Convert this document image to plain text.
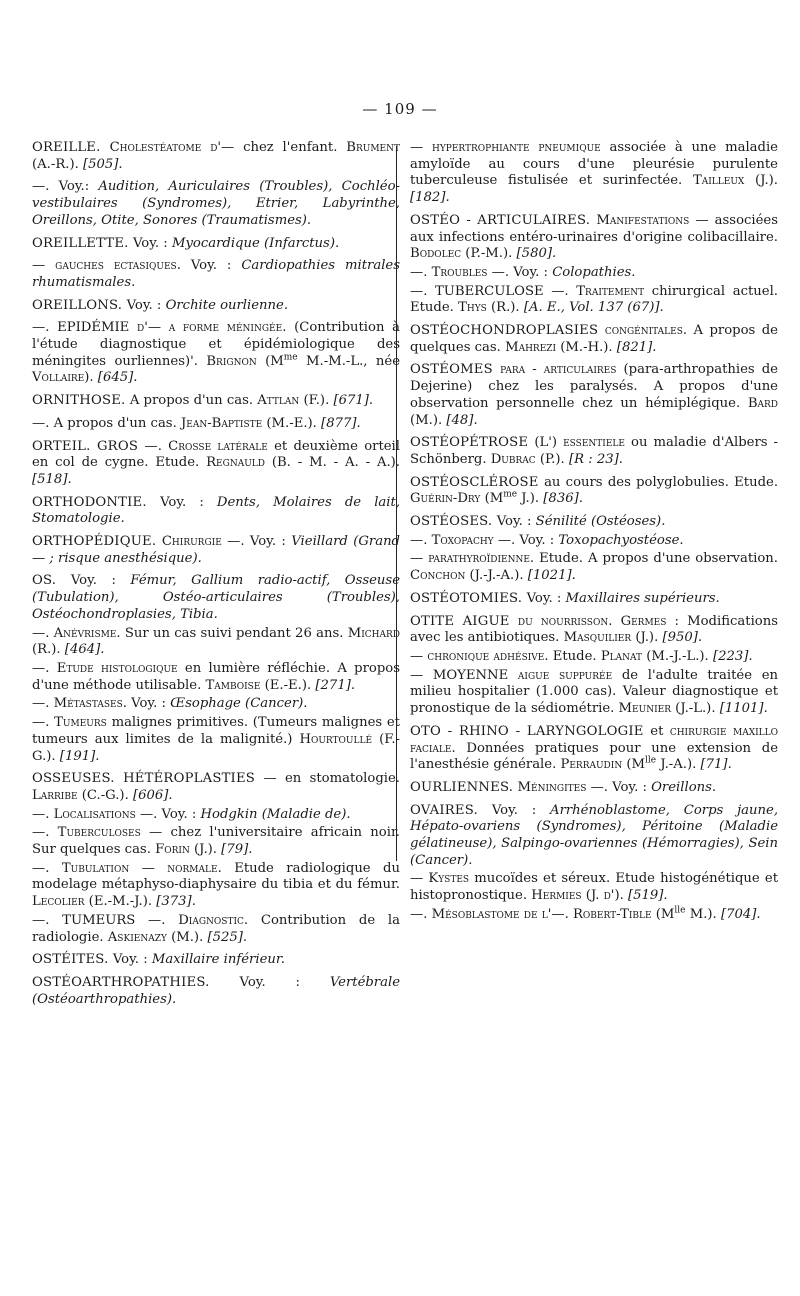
— 109 —

OREILLE. Cholestéatome d'— chez l'enfant. Brument (A.-R.). [505].

—. Voy.: Audition, Auriculaires (Troubles), Cochléo-vestibulaires (Syndromes), Etrier, Labyrinthe, Oreillons, Otite, Sonores (Traumatismes).

OREILLETTE. Voy. : Myocardique (Infarctus).

— gauches ectasiques. Voy. : Cardiopathies mitrales rhumatismales.

OREILLONS. Voy. : Orchite ourlienne.

—. EPIDÉMIE d'— a forme méningée. (Contribution à l'étude diagnostique et épidémiologique des méningites ourliennes)'. Brignon ($M^{me}$ M.-M.-L., née Vollaire). [645].

ORNITHOSE. A propos d'un cas. Attlan (F.). [671].

—. A propos d'un cas. Jean-Baptiste (M.-E.). [877].

ORTEIL. GROS —. Crosse latérale et deuxième orteil en col de cygne. Etude. Regnauld (B. - M. - A. - A.). [518].

ORTHODONTIE. Voy. : Dents, Molaires de lait, Stomatologie.

ORTHOPÉDIQUE. Chirurgie —. Voy. : Vieillard (Grand — ; risque anesthésique).

OS. Voy. : Fémur, Gallium radio-actif, Osseuse (Tubulation), Ostéo-articulaires (Troubles), Ostéochondroplasies, Tibia.

—. Anévrisme. Sur un cas suivi pendant 26 ans. Michard (R.). [464].

—. Etude histologique en lumière réfléchie. A propos d'une méthode utilisable. Tamboise (E.-E.). [271].

—. Métastases. Voy. : Œsophage (Cancer).

—. Tumeurs malignes primitives. (Tumeurs malignes et tumeurs aux limites de la malignité.) Hourtoullé (F.-G.). [191].

OSSEUSES. HÉTÉROPLASTIES — en stomatologie. Larribe (C.-G.). [606].

—. Localisations —. Voy. : Hodgkin (Maladie de).

—. Tuberculoses — chez l'universitaire africain noir. Sur quelques cas. Forin (J.). [79].

—. Tubulation — normale. Etude radiologique du modelage métaphyso-diaphysaire du tibia et du fémur. Lecolier (E.-M.-J.). [373].

—. TUMEURS —. Diagnostic. Contribution de la radiologie. Askienazy (M.). [525].

OSTÉITES. Voy. : Maxillaire inférieur.

OSTÉOARTHROPATHIES. Voy. : Vertébrale (Ostéoarthropathies).

— hypertrophiante pneumique associée à une maladie amyloïde au cours d'une pleurésie purulente tuberculeuse fistulisée et surinfectée. Tailleux (J.). [182].

OSTÉO - ARTICULAIRES. Manifestations — associées aux infections entéro-urinaires d'origine colibacillaire. Bodolec (P.-M.). [580].

—. Troubles —. Voy. : Colopathies.

—. TUBERCULOSE —. Traitement chirurgical actuel. Etude. Thys (R.). [A. E., Vol. 137 (67)].

OSTÉOCHONDROPLASIES congénitales. A propos de quelques cas. Mahrezi (M.-H.). [821].

OSTÉOMES para - articulaires (para-arthropathies de Dejerine) chez les paralysés. A propos d'une observation personnelle chez un hémiplégique. Bard (M.). [48].

OSTÉOPÉTROSE (L') essentiele ou maladie d'Albers - Schönberg. Dubrac (P.). [R : 23].

OSTÉOSCLÉROSE au cours des polyglobulies. Etude. Guérin-Dry ($M^{me}$ J.). [836].

OSTÉOSES. Voy. : Sénilité (Ostéoses).

—. Toxopachy —. Voy. : Toxopachyostéose.

— parathyroïdienne. Etude. A propos d'une observation. Conchon (J.-J.-A.). [1021].

OSTÉOTOMIES. Voy. : Maxillaires supérieurs.

OTITE AIGUE du nourrisson. Germes : Modifications avec les antibiotiques. Masquilier (J.). [950].

— chronique adhésive. Etude. Planat (M.-J.-L.). [223].

— MOYENNE aigue suppurée de l'adulte traitée en milieu hospitalier (1.000 cas). Valeur diagnostique et pronostique de la sédiométrie. Meunier (J.-L.). [1101].

OTO - RHINO - LARYNGOLOGIE et chirurgie maxillo faciale. Données pratiques pour une extension de l'anesthésie générale. Perraudin ($M^{lle}$ J.-A.). [71].

OURLIENNES. Méningites —. Voy. : Oreillons.

OVAIRES. Voy. : Arrhénoblastome, Corps jaune, Hépato-ovariens (Syndromes), Péritoine (Maladie gélatineuse), Salpingo-ovariennes (Hémorragies), Sein (Cancer).

— Kystes mucoïdes et séreux. Etude histogénétique et histopronostique. Hermies (J. d'). [519].

—. Mésoblastome de l'—. Robert-Tible ($M^{lle}$ M.). [704].
